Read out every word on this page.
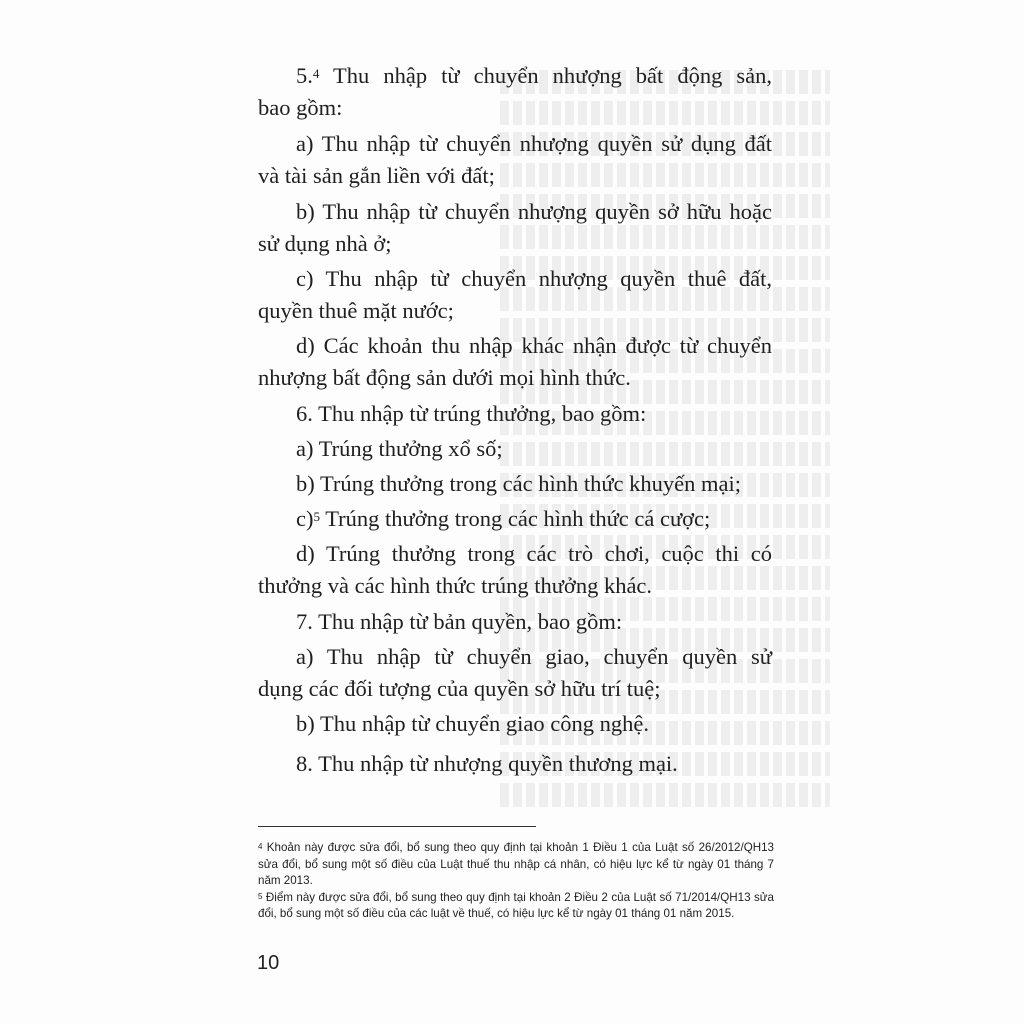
5.$^4$ Thu nhập từ chuyển nhượng bất động sản,
bao gồm:
a) Thu nhập từ chuyển nhượng quyền sử dụng đất
và tài sản gắn liền với đất;
b) Thu nhập từ chuyển nhượng quyền sở hữu hoặc
sử dụng nhà ở;
c) Thu nhập từ chuyển nhượng quyền thuê đất,
quyền thuê mặt nước;
d) Các khoản thu nhập khác nhận được từ chuyển
nhượng bất động sản dưới mọi hình thức.
6. Thu nhập từ trúng thưởng, bao gồm:
a) Trúng thưởng xổ số;
b) Trúng thưởng trong các hình thức khuyến mại;
c)$^5$ Trúng thưởng trong các hình thức cá cược;
d) Trúng thưởng trong các trò chơi, cuộc thi có
thưởng và các hình thức trúng thưởng khác.
7. Thu nhập từ bản quyền, bao gồm:
a) Thu nhập từ chuyển giao, chuyển quyền sử
dụng các đối tượng của quyền sở hữu trí tuệ;
b) Thu nhập từ chuyển giao công nghệ.
8. Thu nhập từ nhượng quyền thương mại.

$^4$ Khoản này được sửa đổi, bổ sung theo quy định tại khoản 1 Điều 1 của Luật số 26/2012/QH13 sửa đổi, bổ sung một số điều của Luật thuế thu nhập cá nhân, có hiệu lực kể từ ngày 01 tháng 7 năm 2013.

$^5$ Điểm này được sửa đổi, bổ sung theo quy định tại khoản 2 Điều 2 của Luật số 71/2014/QH13 sửa đổi, bổ sung một số điều của các luật về thuế, có hiệu lực kể từ ngày 01 tháng 01 năm 2015.

10
